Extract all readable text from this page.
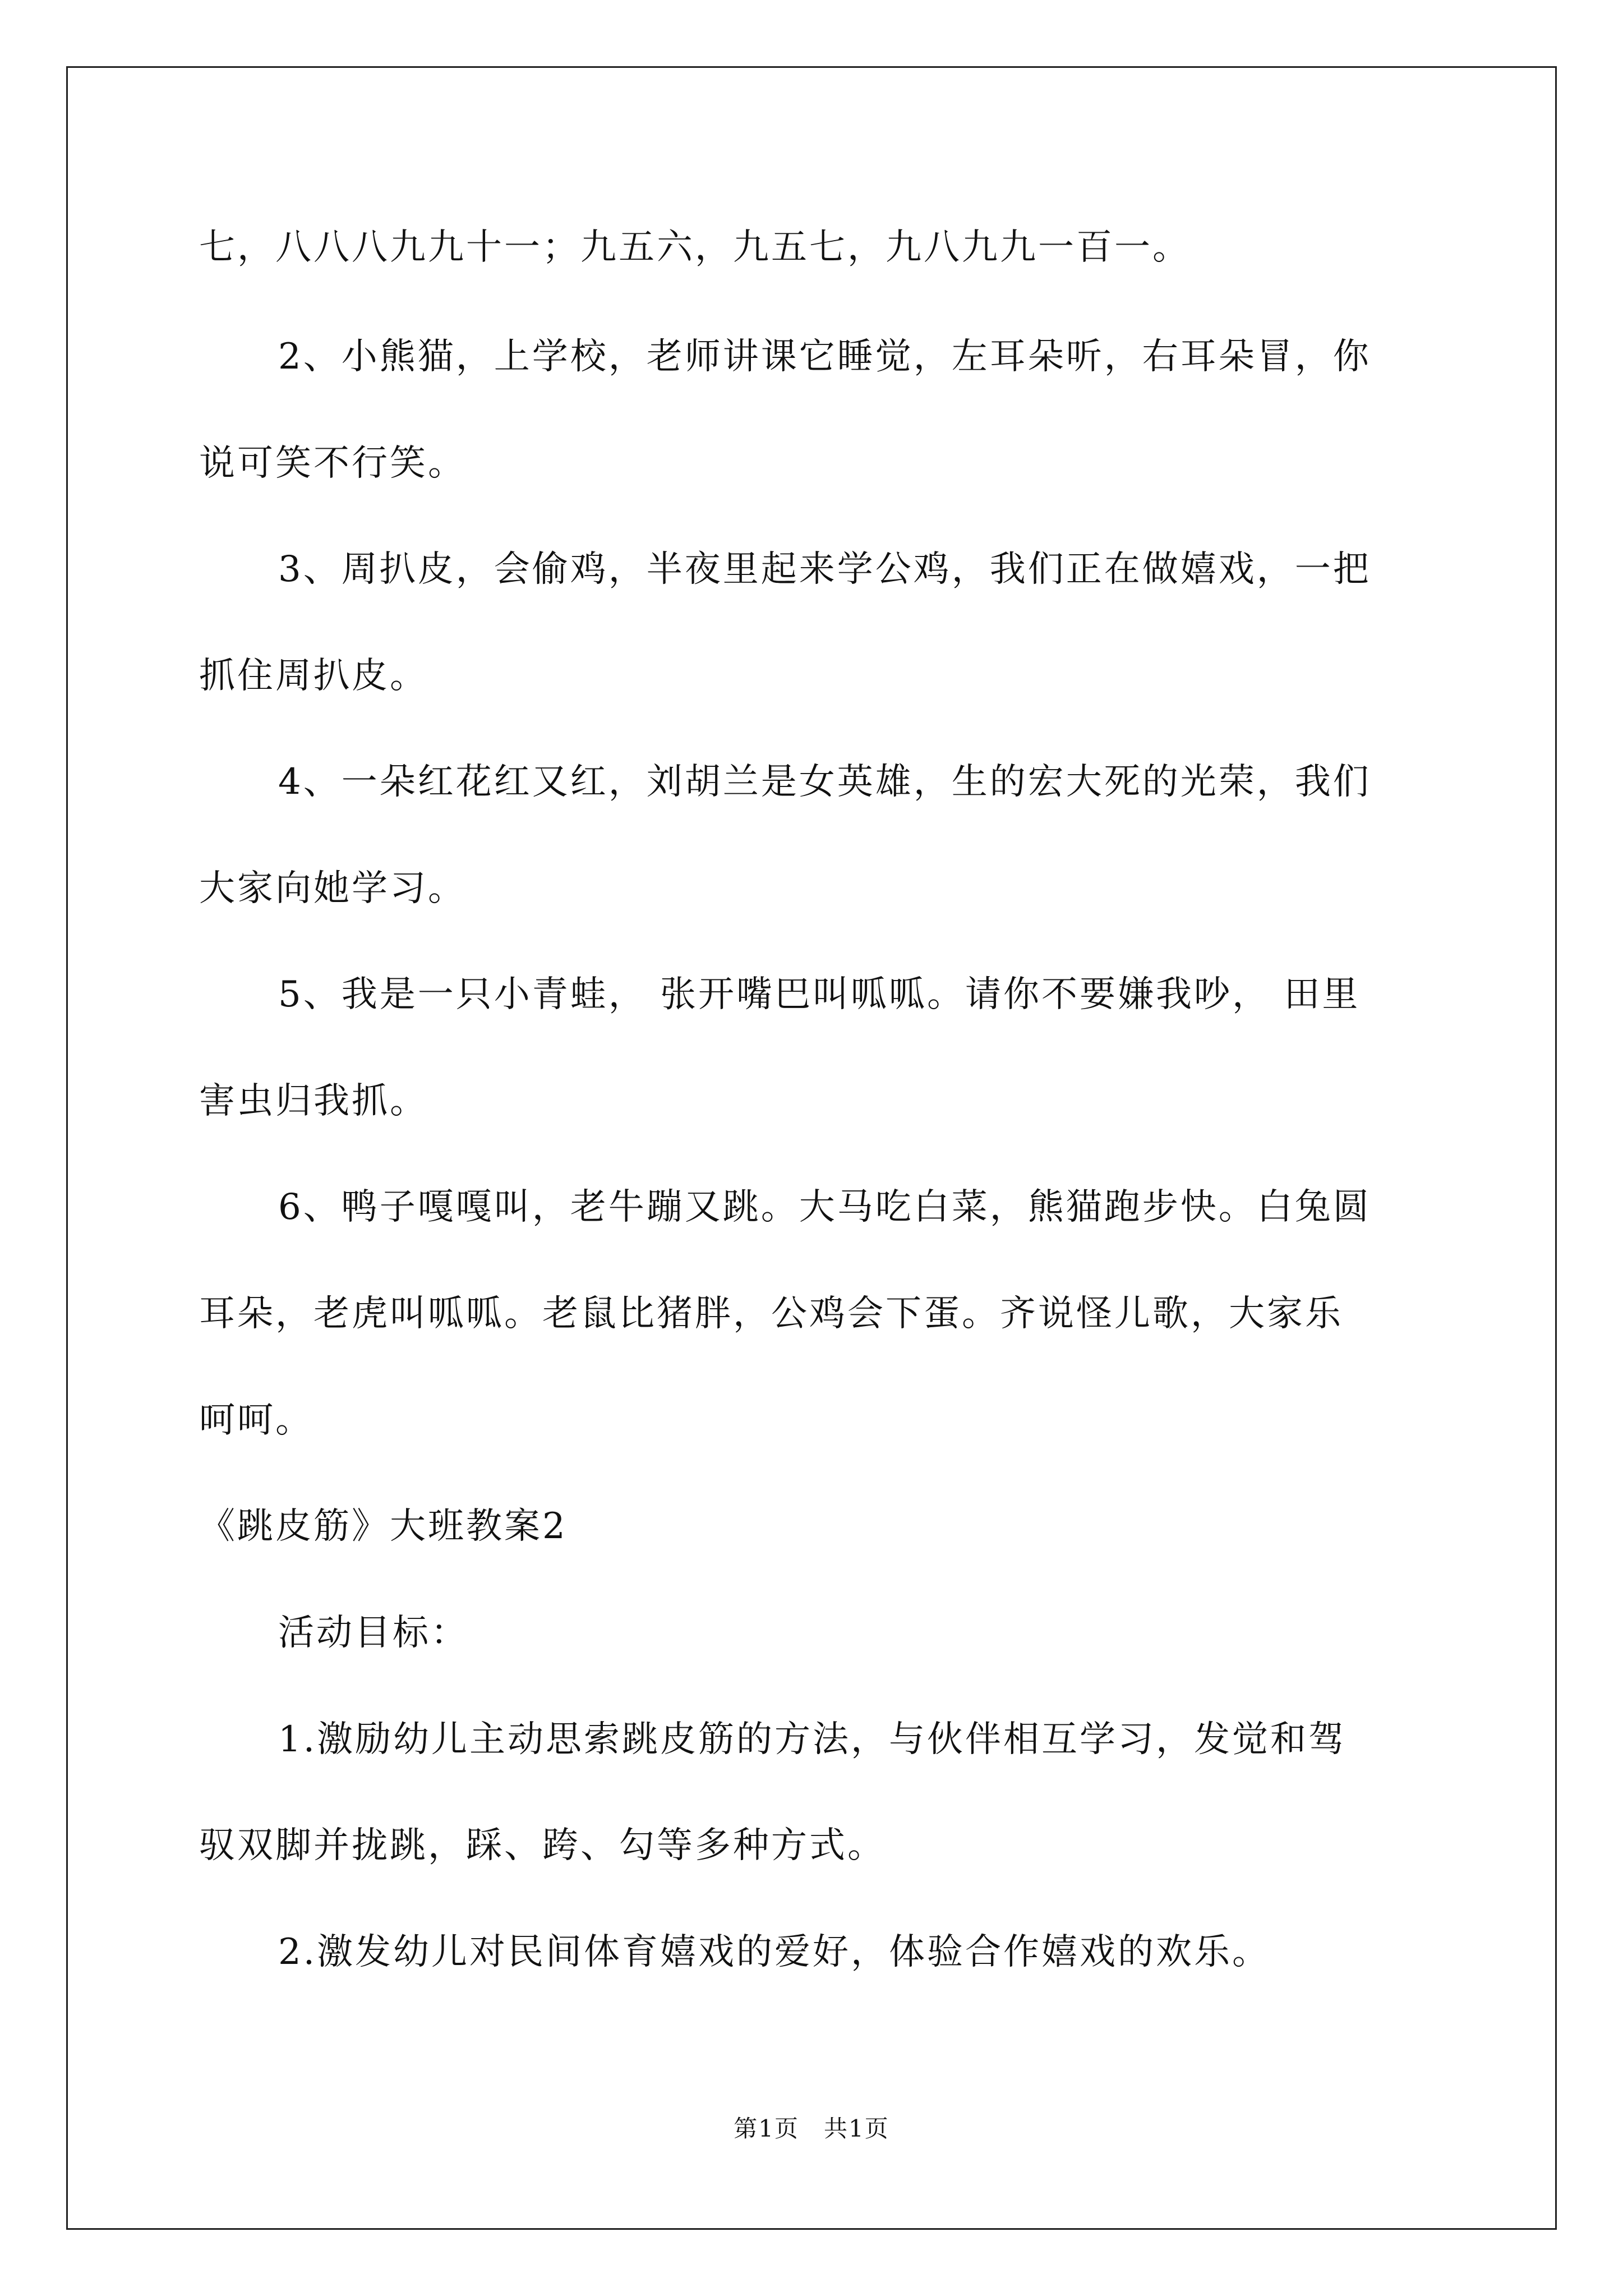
七，八八八九九十一；九五六，九五七，九八九九一百一。
2、小熊猫，上学校，老师讲课它睡觉，左耳朵听，右耳朵冒，你
说可笑不行笑。
3、周扒皮，会偷鸡，半夜里起来学公鸡，我们正在做嬉戏，一把
抓住周扒皮。
4、一朵红花红又红，刘胡兰是女英雄，生的宏大死的光荣，我们
大家向她学习。
5、我是一只小青蛙， 张开嘴巴叫呱呱。请你不要嫌我吵， 田里
害虫归我抓。
6、鸭子嘎嘎叫，老牛蹦又跳。大马吃白菜，熊猫跑步快。白兔圆
耳朵，老虎叫呱呱。老鼠比猪胖，公鸡会下蛋。齐说怪儿歌，大家乐
呵呵。
《跳皮筋》大班教案2
活动目标：
1.激励幼儿主动思索跳皮筋的方法，与伙伴相互学习，发觉和驾
驭双脚并拢跳，踩、跨、勾等多种方式。
2.激发幼儿对民间体育嬉戏的爱好，体验合作嬉戏的欢乐。
第1页　共1页
